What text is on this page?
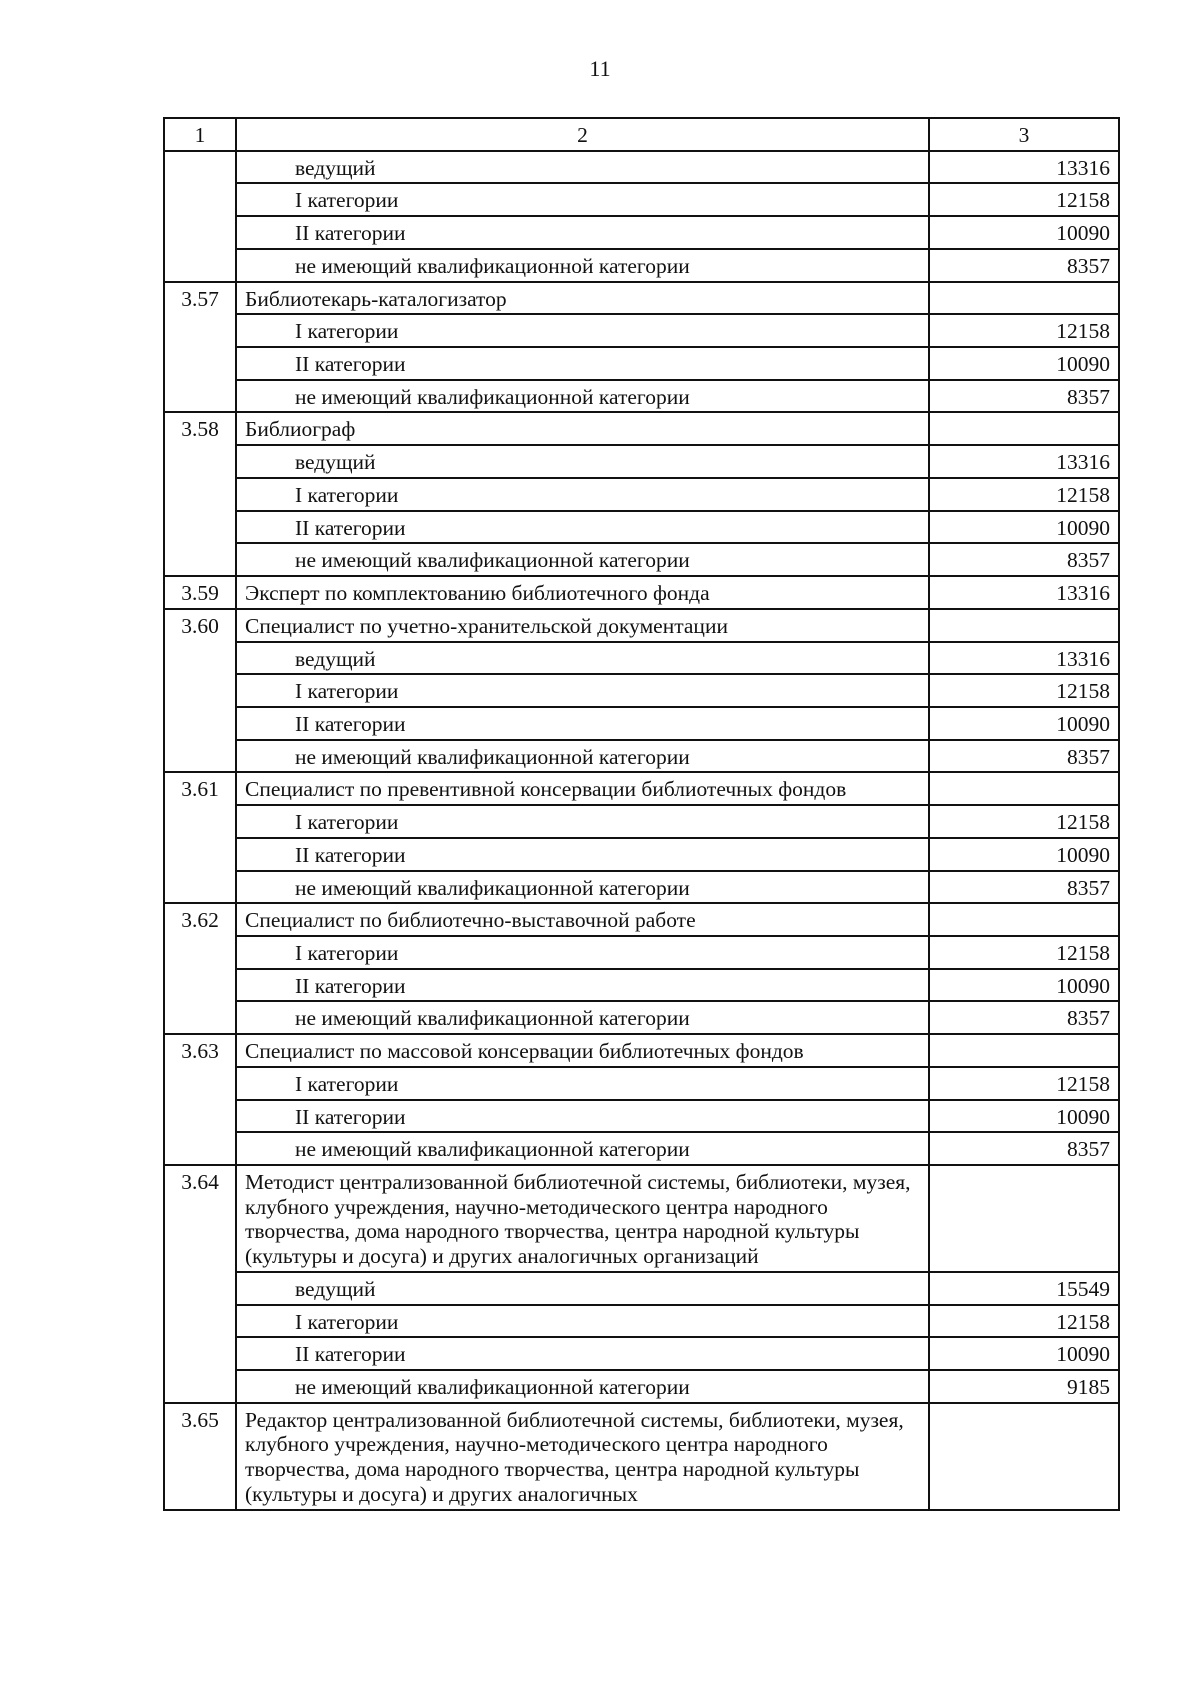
11
1	2	3
	ведущий	13316
	I категории	12158
	II категории	10090
	не имеющий квалификационной категории	8357
3.57	Библиотекарь-каталогизатор	
	I категории	12158
	II категории	10090
	не имеющий квалификационной категории	8357
3.58	Библиограф	
	ведущий	13316
	I категории	12158
	II категории	10090
	не имеющий квалификационной категории	8357
3.59	Эксперт по комплектованию библиотечного фонда	13316
3.60	Специалист по учетно-хранительской документации	
	ведущий	13316
	I категории	12158
	II категории	10090
	не имеющий квалификационной категории	8357
3.61	Специалист по превентивной консервации библиотечных фондов	
	I категории	12158
	II категории	10090
	не имеющий квалификационной категории	8357
3.62	Специалист по библиотечно-выставочной работе	
	I категории	12158
	II категории	10090
	не имеющий квалификационной категории	8357
3.63	Специалист по массовой консервации библиотечных фондов	
	I категории	12158
	II категории	10090
	не имеющий квалификационной категории	8357
3.64	Методист централизованной библиотечной системы, библиотеки, музея, клубного учреждения, научно-методического центра народного творчества, дома народного творчества, центра народной культуры (культуры и досуга) и других аналогичных организаций	
	ведущий	15549
	I категории	12158
	II категории	10090
	не имеющий квалификационной категории	9185
3.65	Редактор централизованной библиотечной системы, библиотеки, музея, клубного учреждения, научно-методического центра народного творчества, дома народного творчества, центра народной культуры (культуры и досуга) и других аналогичных	
